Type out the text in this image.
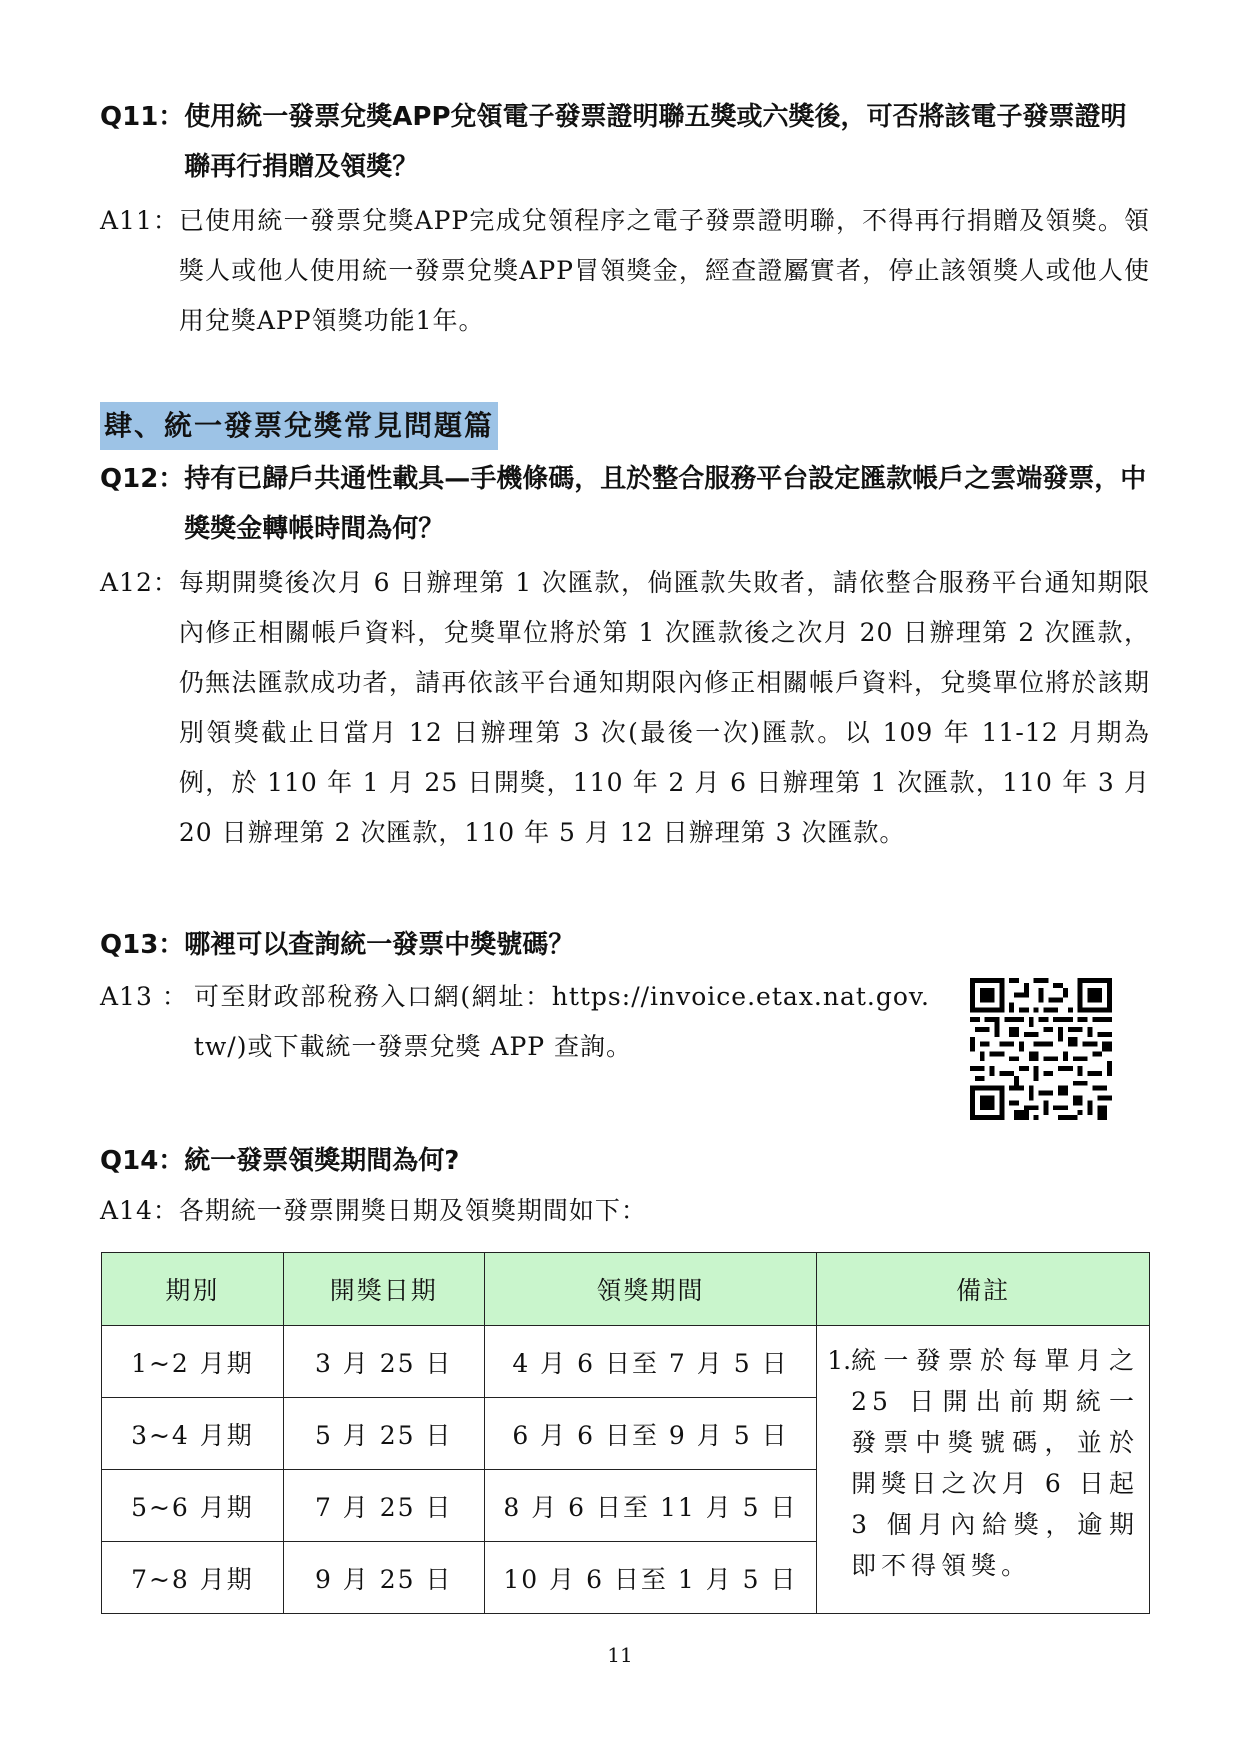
Q11： 使用統一發票兌獎APP兌領電子發票證明聯五獎或六獎後，可否將該電子發票證明聯再行捐贈及領獎？
A11： 已使用統一發票兌獎APP完成兌領程序之電子發票證明聯，不得再行捐贈及領獎。領獎人或他人使用統一發票兌獎APP冒領獎金，經查證屬實者，停止該領獎人或他人使用兌獎APP領獎功能1年。
肆、統一發票兌獎常見問題篇
Q12： 持有已歸戶共通性載具—手機條碼，且於整合服務平台設定匯款帳戶之雲端發票，中獎獎金轉帳時間為何？
A12： 每期開獎後次月 6 日辦理第 1 次匯款，倘匯款失敗者，請依整合服務平台通知期限內修正相關帳戶資料，兌獎單位將於第 1 次匯款後之次月 20 日辦理第 2 次匯款，仍無法匯款成功者，請再依該平台通知期限內修正相關帳戶資料，兌獎單位將於該期別領獎截止日當月 12 日辦理第 3 次(最後一次)匯款。以 109 年 11-12 月期為例，於 110 年 1 月 25 日開獎，110 年 2 月 6 日辦理第 1 次匯款，110 年 3 月 20 日辦理第 2 次匯款，110 年 5 月 12 日辦理第 3 次匯款。
Q13： 哪裡可以查詢統一發票中獎號碼？
A13 ： 可至財政部稅務入口網(網址：https://invoice.etax.nat.gov.tw/)或下載統一發票兌獎 APP 查詢。
Q14： 統一發票領獎期間為何?
A14： 各期統一發票開獎日期及領獎期間如下：
期別	開獎日期	領獎期間	備註
1~2 月期	3 月 25 日	4 月 6 日至 7 月 5 日	1. 統一發票於每單月之 25 日開出前期統一發票中獎號碼，並於開獎日之次月 6 日起 3 個月內給獎，逾期即不得領獎。

3~4 月期	5 月 25 日	6 月 6 日至 9 月 5 日	
5~6 月期	7 月 25 日	8 月 6 日至 11 月 5 日	
7~8 月期	9 月 25 日	10 月 6 日至 1 月 5 日	
11
